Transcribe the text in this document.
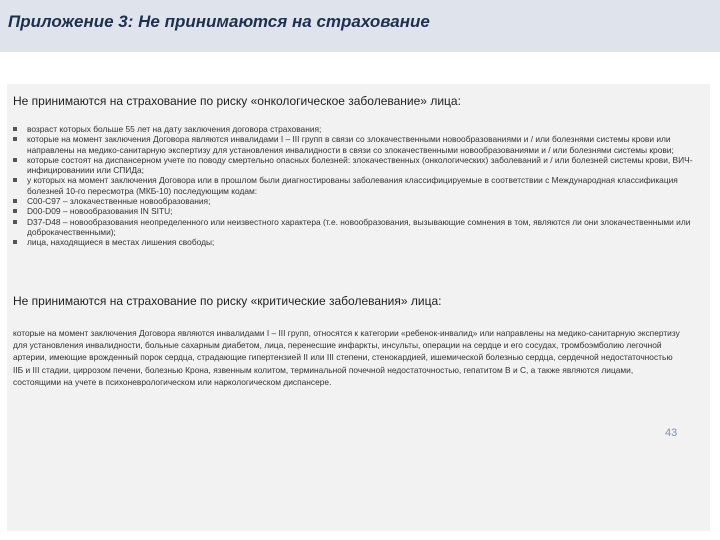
Приложение 3: Не принимаются на страхование
Не принимаются на страхование по риску «онкологическое заболевание» лица:
возраст которых больше 55 лет на дату заключения договора страхования;
которые на момент заключения Договора являются инвалидами I – III групп в связи со злокачественными новообразованиями и / или болезнями системы крови или направлены на медико-санитарную экспертизу для установления инвалидности в связи со злокачественными новообразованиями и / или болезнями системы крови;
которые состоят на диспансерном учете по поводу смертельно опасных болезней: злокачественных (онкологических) заболеваний и / или болезней системы крови, ВИЧ-инфицированиии или СПИДа;
у которых на момент заключения Договора или в прошлом были диагностированы заболевания классифицируемые в соответствии с Международная классификация болезней 10-го пересмотра (МКБ-10) последующим кодам:
C00-C97 – злокачественные новообразования;
D00-D09 – новообразования IN SITU;
D37-D48 – новообразования неопределенного или неизвестного характера (т.е. новообразования, вызывающие сомнения в том, являются ли они злокачественными или доброкачественными);
лица, находящиеся в местах лишения свободы;
Не принимаются на страхование по риску «критические заболевания» лица:
которые на момент заключения Договора являются инвалидами I – III групп, относятся к категории «ребенок-инвалид» или направлены на медико-санитарную экспертизу для установления инвалидности, больные сахарным диабетом, лица, перенесшие инфаркты, инсульты, операции на сердце и его сосудах, тромбоэмболию легочной артерии, имеющие врожденный порок сердца, страдающие гипертензией II или III степени, стенокардией, ишемической болезнью сердца, сердечной недостаточностью IIБ и III стадии, циррозом печени, болезнью Крона, язвенным колитом, терминальной почечной недостаточностью, гепатитом В и С, а также являются лицами, состоящими на учете в психоневрологическом или наркологическом диспансере.
43
